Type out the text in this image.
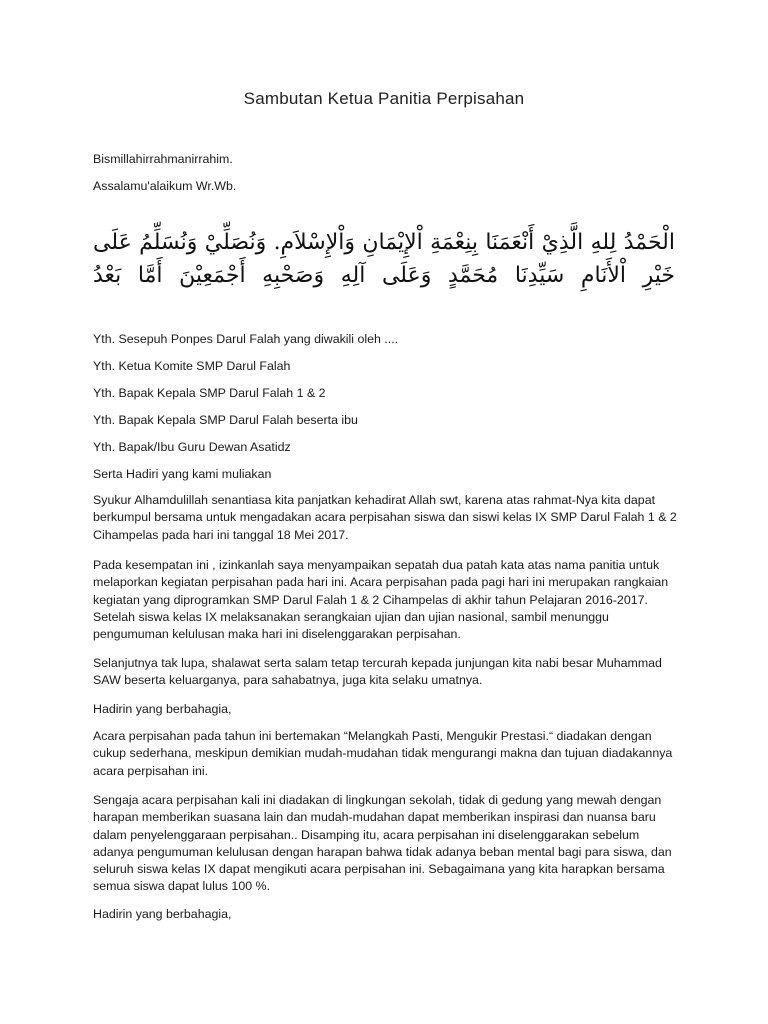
Sambutan Ketua Panitia Perpisahan
Bismillahirrahmanirrahim.
Assalamu'alaikum Wr.Wb.
الْحَمْدُ لِلهِ الَّذِيْ أَنْعَمَنَا بِنِعْمَةِ اْلإِيْمَانِ وَاْلإِسْلاَمِ. وَنُصَلِّيْ وَنُسَلِّمُ عَلَى خَيْرِ اْلأَنَامِ سَيِّدِنَا مُحَمَّدٍ وَعَلَى آلِهِ وَصَحْبِهِ أَجْمَعِيْنَ أَمَّا بَعْدُ
Yth. Sesepuh Ponpes Darul Falah yang diwakili oleh ....
Yth. Ketua Komite SMP Darul Falah
Yth. Bapak Kepala SMP Darul Falah 1 & 2
Yth. Bapak Kepala SMP Darul Falah beserta ibu
Yth. Bapak/Ibu Guru Dewan Asatidz
Serta Hadiri yang kami muliakan
Syukur Alhamdulillah senantiasa kita panjatkan kehadirat Allah swt, karena atas rahmat-Nya kita dapat berkumpul bersama untuk mengadakan acara perpisahan siswa dan siswi kelas IX SMP Darul Falah 1 & 2 Cihampelas pada hari ini tanggal 18 Mei 2017.
Pada kesempatan ini , izinkanlah saya menyampaikan sepatah dua patah kata atas nama panitia untuk melaporkan kegiatan perpisahan pada hari ini. Acara perpisahan pada pagi hari ini merupakan rangkaian kegiatan yang diprogramkan SMP Darul Falah 1 & 2 Cihampelas di akhir tahun Pelajaran 2016-2017. Setelah siswa kelas IX melaksanakan serangkaian ujian dan ujian nasional, sambil menunggu pengumuman kelulusan maka hari ini diselenggarakan perpisahan.
Selanjutnya tak lupa, shalawat serta salam tetap tercurah kepada junjungan kita nabi besar Muhammad SAW beserta keluarganya, para sahabatnya, juga kita selaku umatnya.
Hadirin yang berbahagia,
Acara perpisahan pada tahun ini bertemakan “Melangkah Pasti, Mengukir Prestasi.“ diadakan dengan cukup sederhana, meskipun demikian mudah-mudahan tidak mengurangi makna dan tujuan diadakannya acara perpisahan ini.
Sengaja acara perpisahan kali ini diadakan di lingkungan sekolah, tidak di gedung yang mewah dengan harapan memberikan suasana lain dan mudah-mudahan dapat memberikan inspirasi dan nuansa baru dalam penyelenggaraan perpisahan.. Disamping itu, acara perpisahan ini diselenggarakan sebelum adanya pengumuman kelulusan dengan harapan bahwa tidak adanya beban mental bagi para siswa, dan seluruh siswa kelas IX dapat mengikuti acara perpisahan ini. Sebagaimana yang kita harapkan bersama semua siswa dapat lulus 100 %.
Hadirin yang berbahagia,
